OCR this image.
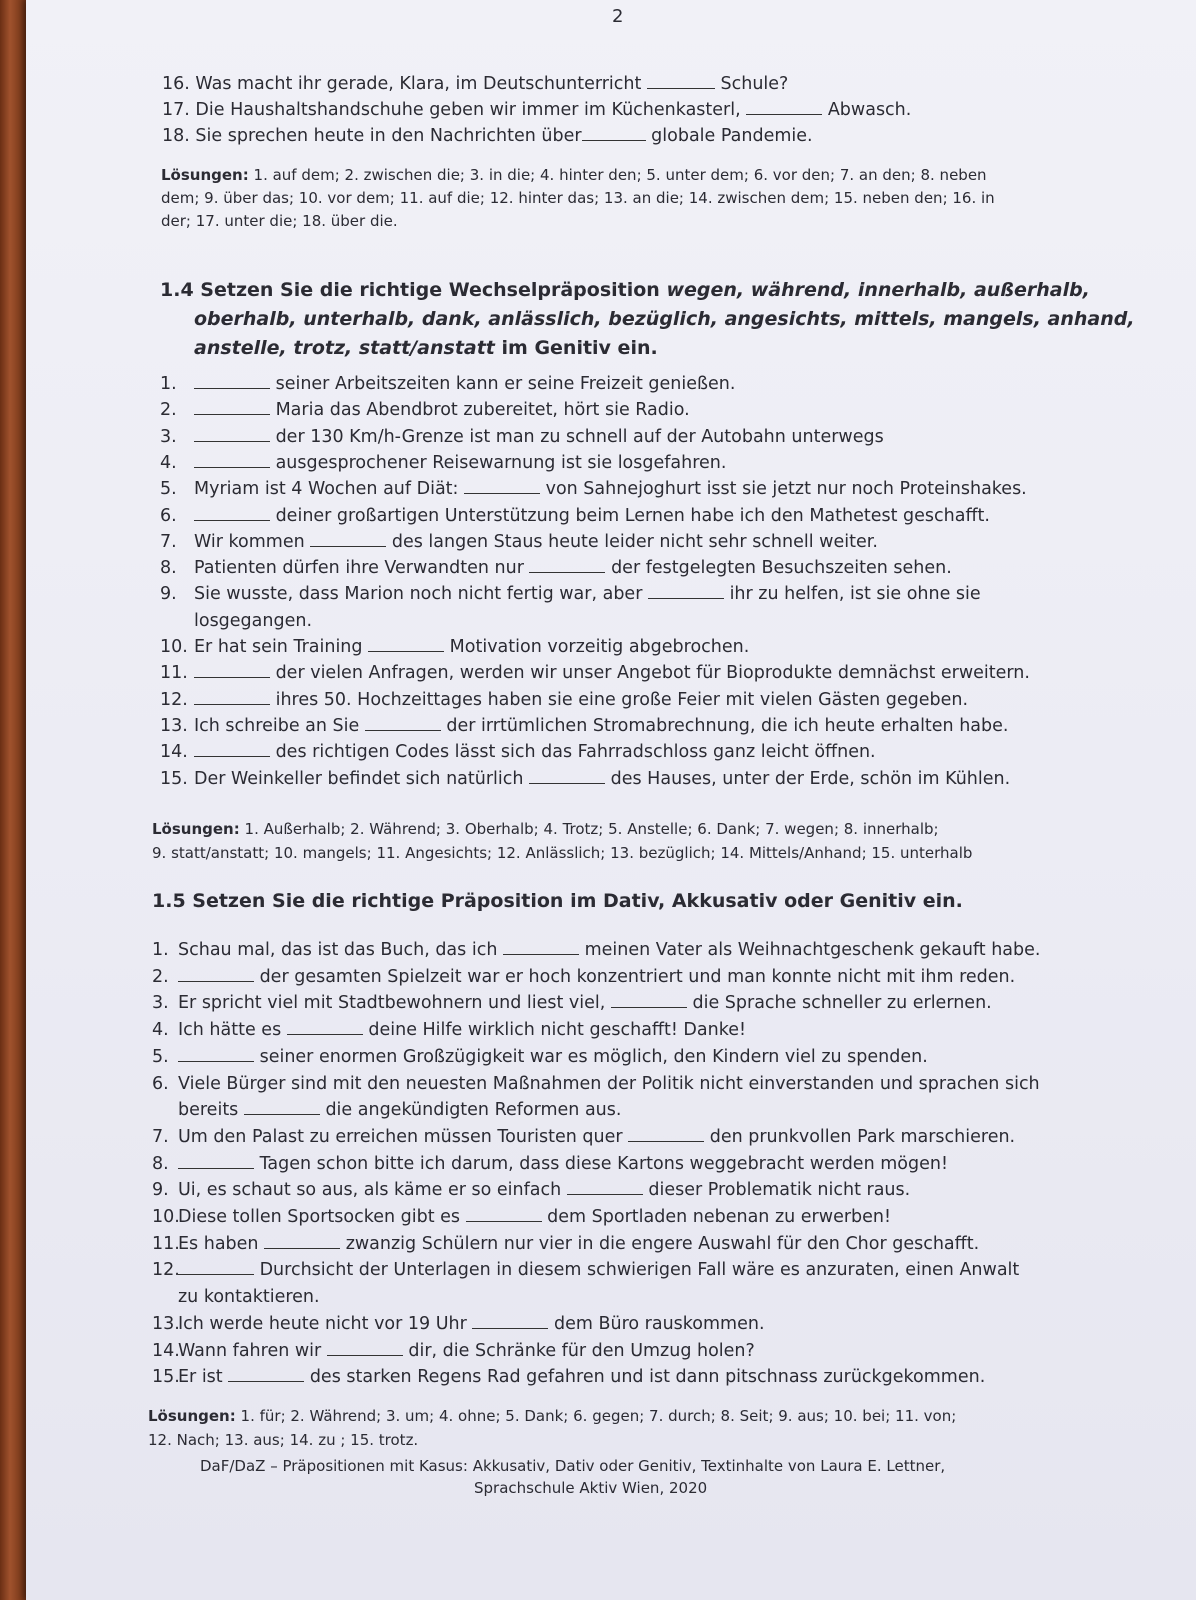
2
16. Was macht ihr gerade, Klara, im Deutschunterricht	Schule?
17. Die Haushaltshandschuhe geben wir immer im Küchenkasterl,	Abwasch.
18. Sie sprechen heute in den Nachrichten über	globale Pandemie.
Lösungen: 1. auf dem; 2. zwischen die; 3. in die; 4. hinter den; 5. unter dem; 6. vor den; 7. an den; 8. neben
dem; 9. über das; 10. vor dem; 11. auf die; 12. hinter das; 13. an die; 14. zwischen dem; 15. neben den; 16. in
der; 17. unter die; 18. über die.
1.4 Setzen Sie die richtige Wechselpräposition wegen, während, innerhalb, außerhalb,
oberhalb, unterhalb, dank, anlässlich, bezüglich, angesichts, mittels, mangels, anhand,
anstelle, trotz, statt/anstatt im Genitiv ein.
1.	seiner Arbeitszeiten kann er seine Freizeit genießen.
2.	Maria das Abendbrot zubereitet, hört sie Radio.
3.	der 130 Km/h-Grenze ist man zu schnell auf der Autobahn unterwegs
4.	ausgesprochener Reisewarnung ist sie losgefahren.
5. Myriam ist 4 Wochen auf Diät:	von Sahnejoghurt isst sie jetzt nur noch Proteinshakes.
6.	deiner großartigen Unterstützung beim Lernen habe ich den Mathetest geschafft.
7. Wir kommen	des langen Staus heute leider nicht sehr schnell weiter.
8. Patienten dürfen ihre Verwandten nur	der festgelegten Besuchszeiten sehen.
9. Sie wusste, dass Marion noch nicht fertig war, aber	ihr zu helfen, ist sie ohne sie
losgegangen.
10. Er hat sein Training	Motivation vorzeitig abgebrochen.
11.	der vielen Anfragen, werden wir unser Angebot für Bioprodukte demnächst erweitern.
12.	ihres 50. Hochzeittages haben sie eine große Feier mit vielen Gästen gegeben.
13. Ich schreibe an Sie	der irrtümlichen Stromabrechnung, die ich heute erhalten habe.
14.	des richtigen Codes lässt sich das Fahrradschloss ganz leicht öffnen.
15. Der Weinkeller befindet sich natürlich	des Hauses, unter der Erde, schön im Kühlen.
Lösungen: 1. Außerhalb; 2. Während; 3. Oberhalb; 4. Trotz; 5. Anstelle; 6. Dank; 7. wegen; 8. innerhalb;
9. statt/anstatt; 10. mangels; 11. Angesichts; 12. Anlässlich; 13. bezüglich; 14. Mittels/Anhand; 15. unterhalb
1.5 Setzen Sie die richtige Präposition im Dativ, Akkusativ oder Genitiv ein.
1. Schau mal, das ist das Buch, das ich	meinen Vater als Weihnachtgeschenk gekauft habe.
2.	der gesamten Spielzeit war er hoch konzentriert und man konnte nicht mit ihm reden.
3. Er spricht viel mit Stadtbewohnern und liest viel,	die Sprache schneller zu erlernen.
4. Ich hätte es	deine Hilfe wirklich nicht geschafft! Danke!
5.	seiner enormen Großzügigkeit war es möglich, den Kindern viel zu spenden.
6. Viele Bürger sind mit den neuesten Maßnahmen der Politik nicht einverstanden und sprachen sich
bereits	die angekündigten Reformen aus.
7. Um den Palast zu erreichen müssen Touristen quer	den prunkvollen Park marschieren.
8.	Tagen schon bitte ich darum, dass diese Kartons weggebracht werden mögen!
9. Ui, es schaut so aus, als käme er so einfach	dieser Problematik nicht raus.
10.Diese tollen Sportsocken gibt es	dem Sportladen nebenan zu erwerben!
11.Es haben	zwanzig Schülern nur vier in die engere Auswahl für den Chor geschafft.
12.	Durchsicht der Unterlagen in diesem schwierigen Fall wäre es anzuraten, einen Anwalt
zu kontaktieren.
13.Ich werde heute nicht vor 19 Uhr	dem Büro rauskommen.
14.Wann fahren wir	dir, die Schränke für den Umzug holen?
15.Er ist	des starken Regens Rad gefahren und ist dann pitschnass zurückgekommen.
Lösungen: 1. für; 2. Während; 3. um; 4. ohne; 5. Dank; 6. gegen; 7. durch; 8. Seit; 9. aus; 10. bei; 11. von;
12. Nach; 13. aus; 14. zu ; 15. trotz.
DaF/DaZ – Präpositionen mit Kasus: Akkusativ, Dativ oder Genitiv, Textinhalte von Laura E. Lettner,
Sprachschule Aktiv Wien, 2020
